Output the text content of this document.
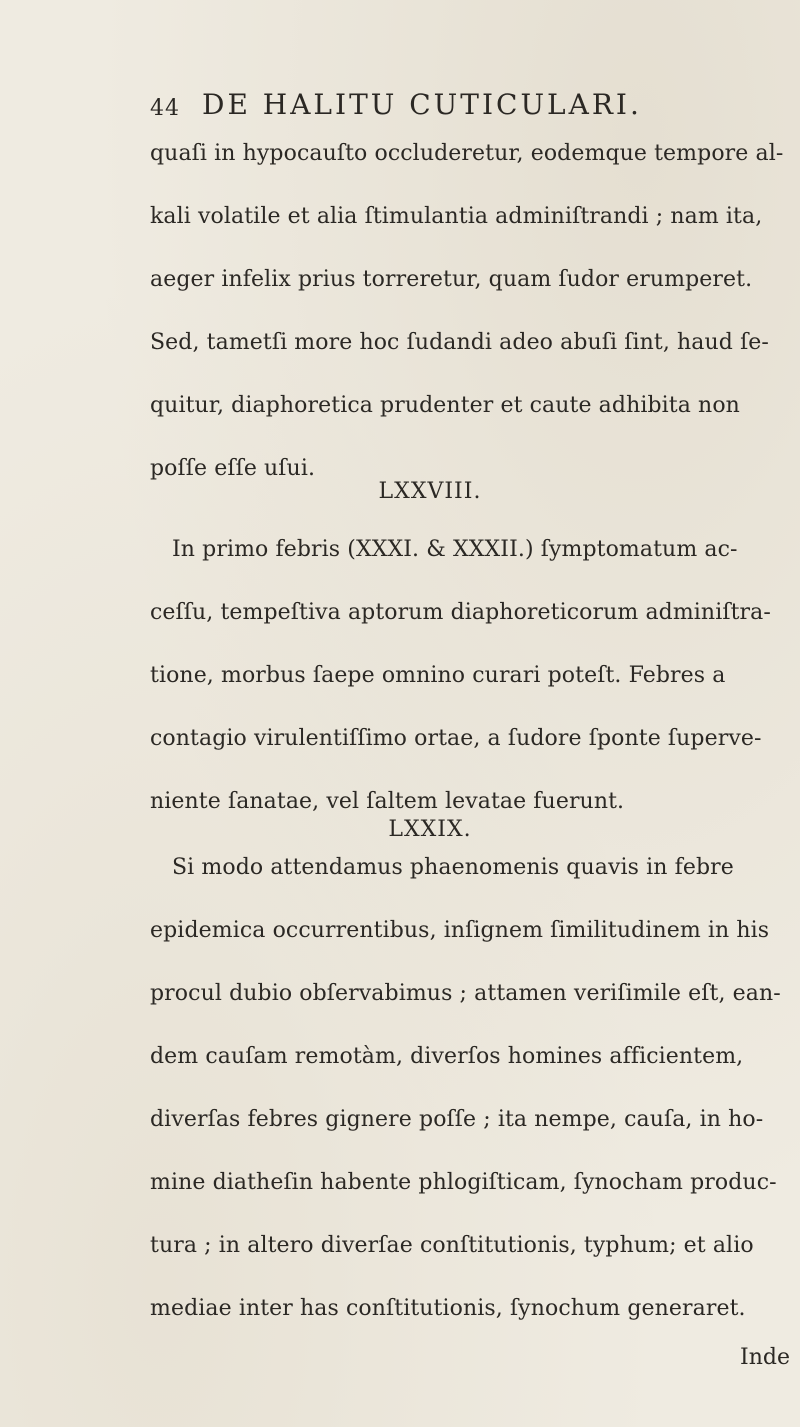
44 DE HALITU CUTICULARI.
quaſi in hypocauſto occluderetur, eodemque tempore al-
kali volatile et alia ſtimulantia adminiſtrandi ; nam ita,
aeger infelix prius torreretur, quam ſudor erumperet.
Sed, tametſi more hoc ſudandi adeo abuſi ſint, haud ſe-
quitur, diaphoretica prudenter et caute adhibita non
poſſe eſſe uſui.
LXXVIII.
In primo febris (XXXI. & XXXII.) ſymptomatum ac-
ceſſu, tempeſtiva aptorum diaphoreticorum adminiſtra-
tione, morbus ſaepe omnino curari poteſt. Febres a
contagio virulentiſſimo ortae, a ſudore ſponte ſuperve-
niente ſanatae, vel ſaltem levatae fuerunt.
LXXIX.
Si modo attendamus phaenomenis quavis in febre
epidemica occurrentibus, inſignem ſimilitudinem in his
procul dubio obſervabimus ; attamen veriſimile eſt, ean-
dem cauſam remotàm, diverſos homines afficientem,
diverſas febres gignere poſſe ; ita nempe, cauſa, in ho-
mine diatheſin habente phlogiſticam, ſynocham produc-
tura ; in altero diverſae conſtitutionis, typhum; et alio
mediae inter has conſtitutionis, ſynochum generaret.
Inde
